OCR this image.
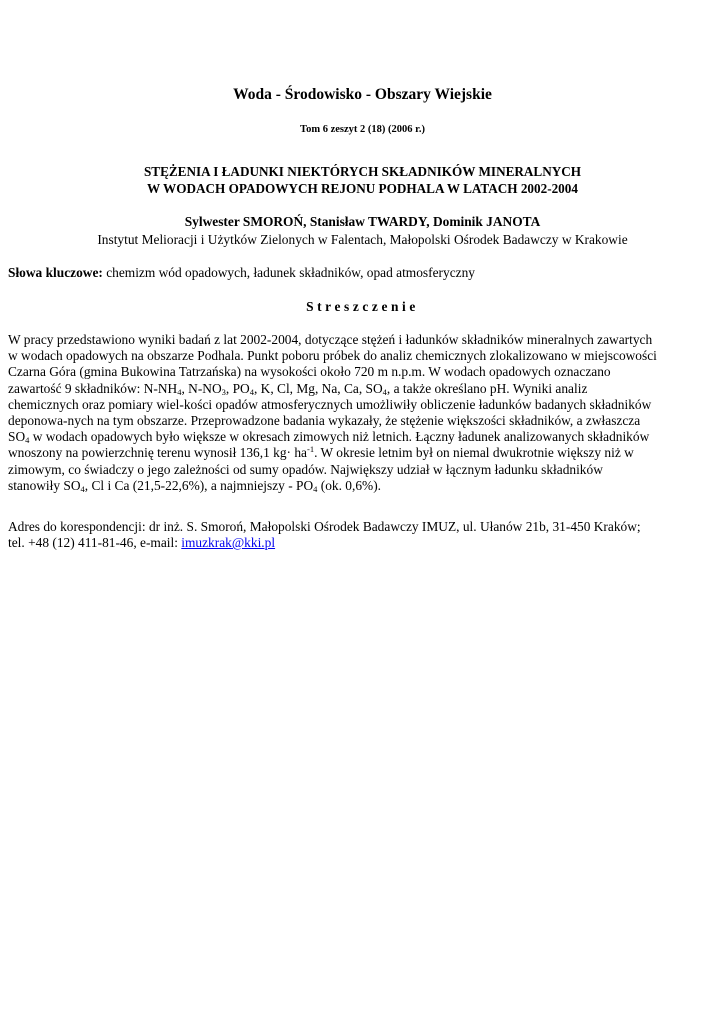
Woda - Środowisko - Obszary Wiejskie
Tom 6 zeszyt 2 (18) (2006 r.)
STĘŻENIA I ŁADUNKI NIEKTÓRYCH SKŁADNIKÓW MINERALNYCH
W WODACH OPADOWYCH REJONU PODHALA W LATACH 2002-2004
Sylwester SMOROŃ, Stanisław TWARDY, Dominik JANOTA
Instytut Melioracji i Użytków Zielonych w Falentach, Małopolski Ośrodek Badawczy w Krakowie
Słowa kluczowe: chemizm wód opadowych, ładunek składników, opad atmosferyczny
Streszczenie
W pracy przedstawiono wyniki badań z lat 2002-2004, dotyczące stężeń i ładunków składników mineralnych zawartych
w wodach opadowych na obszarze Podhala. Punkt poboru próbek do analiz chemicznych zlokalizowano w miejscowości
Czarna Góra (gmina Bukowina Tatrzańska) na wysokości około 720 m n.p.m. W wodach opadowych oznaczano
zawartość 9 składników: $N-NH_4$, $N-NO_3$, $PO_4$, K, Cl, Mg, Na, Ca, $SO_4$, a także określano pH. Wyniki analiz
chemicznych oraz pomiary wiel-kości opadów atmosferycznych umożliwiły obliczenie ładunków badanych składników
deponowa-nych na tym obszarze. Przeprowadzone badania wykazały, że stężenie większości składników, a zwłaszcza
$SO_4$ w wodach opadowych było większe w okresach zimowych niż letnich. Łączny ładunek analizowanych składników
wnoszony na powierzchnię terenu wynosił 136,1 $kg\cdot ha^{-1}$. W okresie letnim był on niemal dwukrotnie większy niż w
zimowym, co świadczy o jego zależności od sumy opadów. Największy udział w łącznym ładunku składników
stanowiły $SO_4$, Cl i Ca (21,5-22,6%), a najmniejszy - $PO_4$ (ok. 0,6%).
Adres do korespondencji: dr inż. S. Smoroń, Małopolski Ośrodek Badawczy IMUZ, ul. Ułanów 21b, 31-450 Kraków;
tel. +48 (12) 411-81-46, e-mail: imuzkrak@kki.pl
